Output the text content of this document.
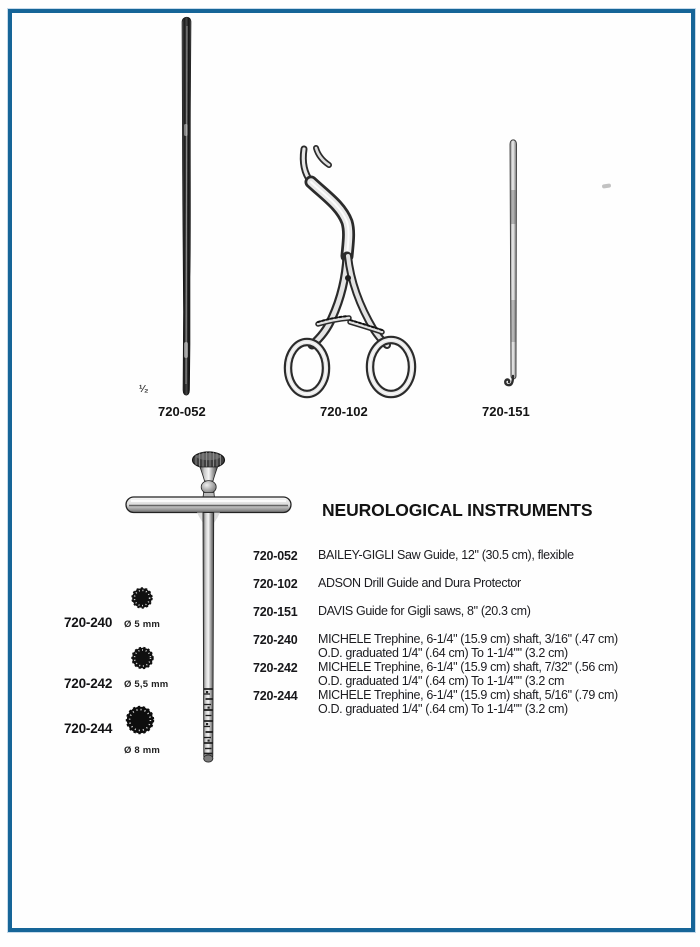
¹⁄₂
720-052	720-102	720-151
720-240 Ø 5 mm
720-242 Ø 5,5 mm
720-244
Ø 8 mm
NEUROLOGICAL INSTRUMENTS
720-052 BAILEY-GIGLI Saw Guide, 12" (30.5 cm), flexible
720-102 ADSON Drill Guide and Dura Protector
720-151 DAVIS Guide for Gigli saws, 8" (20.3 cm)
720-240 MICHELE Trephine, 6-1/4" (15.9 cm) shaft, 3/16" (.47 cm)
O.D. graduated 1/4" (.64 cm) To 1-1/4"" (3.2 cm)
720-242 MICHELE Trephine, 6-1/4" (15.9 cm) shaft, 7/32" (.56 cm)
O.D. graduated 1/4" (.64 cm) To 1-1/4"" (3.2 cm
720-244 MICHELE Trephine, 6-1/4" (15.9 cm) shaft, 5/16" (.79 cm)
O.D. graduated 1/4" (.64 cm) To 1-1/4"" (3.2 cm)
